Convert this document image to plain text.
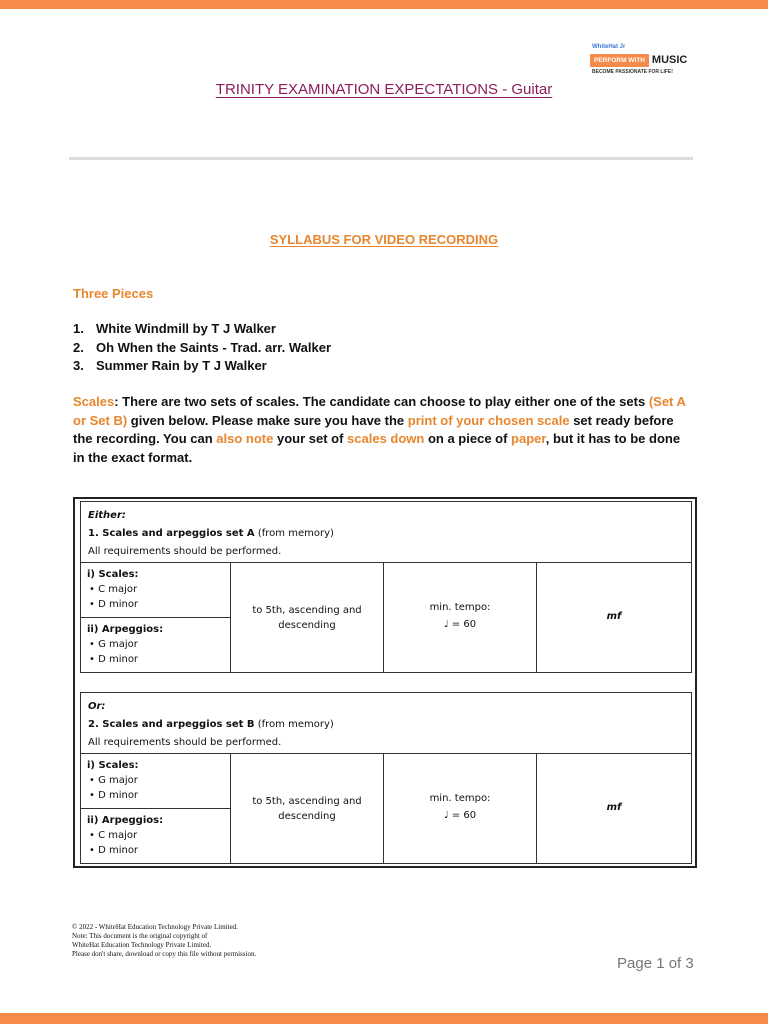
WhiteHat Jr
PERFORM WITH MUSIC
BECOME PASSIONATE FOR LIFE!
TRINITY EXAMINATION EXPECTATIONS - Guitar
SYLLABUS FOR VIDEO RECORDING
Three Pieces
1. White Windmill by T J Walker
2. Oh When the Saints - Trad. arr. Walker
3. Summer Rain by T J Walker

Scales: There are two sets of scales. The candidate can choose to play either one of the sets (Set A or Set B) given below. Please make sure you have the print of your chosen scale set ready before the recording. You can also note your set of scales down on a piece of paper, but it has to be done in the exact format.

Either:
1. Scales and arpeggios set A (from memory)
All requirements should be performed.
i) Scales:
• C major
• D minor
ii) Arpeggios:
• G major
• D minor
to 5th, ascending and
descending
min. tempo:
♩ = 60
mf
Or:
2. Scales and arpeggios set B (from memory)
All requirements should be performed.
i) Scales:
• G major
• D minor
ii) Arpeggios:
• C major
• D minor
to 5th, ascending and
descending
min. tempo:
♩ = 60
mf
© 2022 - WhiteHat Education Technology Private Limited.
Note: This document is the original copyright of
WhiteHat Education Technology Private Limited.
Please don't share, download or copy this file without permission.
Page 1 of 3
